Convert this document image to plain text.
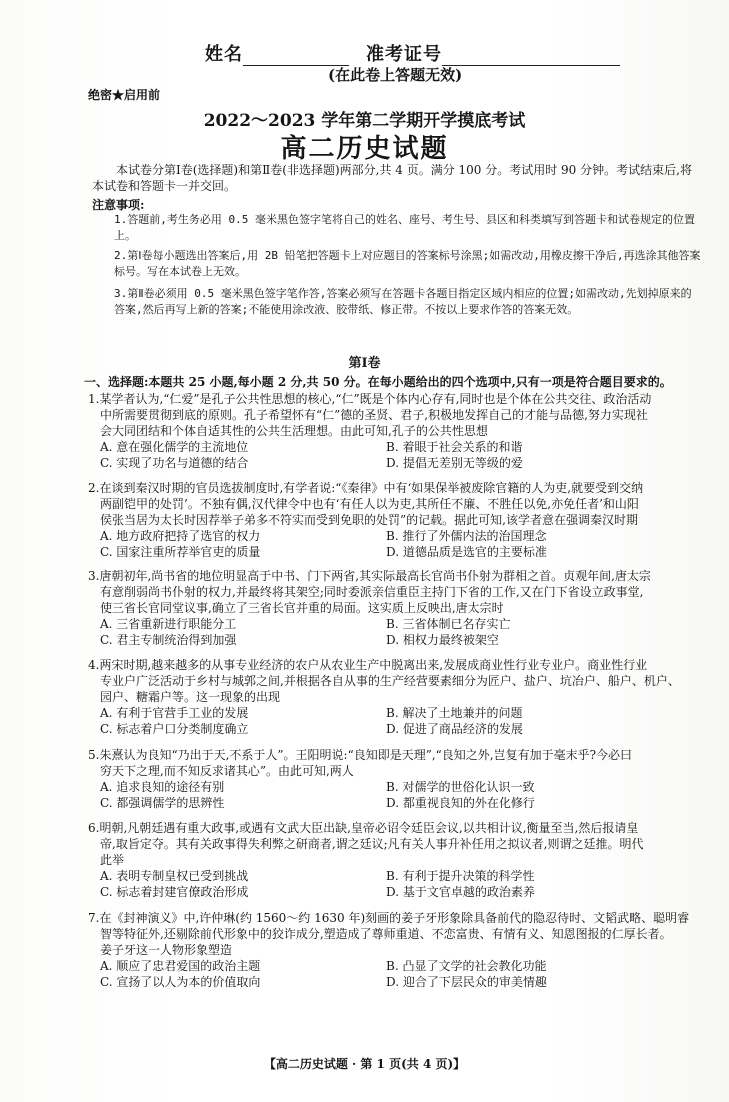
姓名	准考证号
(在此卷上答题无效)
绝密★启用前
2022～2023 学年第二学期开学摸底考试
高二历史试题
本试卷分第Ⅰ卷(选择题)和第Ⅱ卷(非选择题)两部分,共 4 页。满分 100 分。考试用时 90 分钟。考试结束后,将本试卷和答题卡一并交回。
注意事项:
1.答题前,考生务必用 0.5 毫米黑色签字笔将自己的姓名、座号、考生号、县区和科类填写到答题卡和试卷规定的位置上。
2.第Ⅰ卷每小题选出答案后,用 2B 铅笔把答题卡上对应题目的答案标号涂黑;如需改动,用橡皮擦干净后,再选涂其他答案标号。写在本试卷上无效。
3.第Ⅱ卷必须用 0.5 毫米黑色签字笔作答,答案必须写在答题卡各题目指定区域内相应的位置;如需改动,先划掉原来的答案,然后再写上新的答案;不能使用涂改液、胶带纸、修正带。不按以上要求作答的答案无效。
第Ⅰ卷
一、选择题:本题共 25 小题,每小题 2 分,共 50 分。在每小题给出的四个选项中,只有一项是符合题目要求的。
1.某学者认为,“仁爱”是孔子公共性思想的核心,“仁”既是个体内心存有,同时也是个体在公共交往、政治活动
中所需要贯彻到底的原则。孔子希望怀有“仁”德的圣贤、君子,积极地发挥自己的才能与品德,努力实现社
会大同团结和个体自适其性的公共生活理想。由此可知,孔子的公共性思想
A. 意在强化儒学的主流地位	B. 着眼于社会关系的和谐
C. 实现了功名与道德的结合	D. 提倡无差别无等级的爱
2.在谈到秦汉时期的官员选拔制度时,有学者说:“《秦律》中有‘如果保举被废除官籍的人为吏,就要受到交纳
两副铠甲的处罚’。不独有偶,汉代律令中也有‘有任人以为吏,其所任不廉、不胜任以免,亦免任者’和山阳
侯张当居为太长时因荐举子弟多不符实而受到免职的处罚”的记载。据此可知,该学者意在强调秦汉时期
A. 地方政府把持了选官的权力	B. 推行了外儒内法的治国理念
C. 国家注重所荐举官吏的质量	D. 道德品质是选官的主要标准
3.唐朝初年,尚书省的地位明显高于中书、门下两省,其实际最高长官尚书仆射为群相之首。贞观年间,唐太宗
有意削弱尚书仆射的权力,并最终将其架空;同时委派亲信重臣主持门下省的工作,又在门下省设立政事堂,
使三省长官同堂议事,确立了三省长官并重的局面。这实质上反映出,唐太宗时
A. 三省重新进行职能分工	B. 三省体制已名存实亡
C. 君主专制统治得到加强	D. 相权力最终被架空
4.两宋时期,越来越多的从事专业经济的农户从农业生产中脱离出来,发展成商业性行业专业户。商业性行业
专业户广泛活动于乡村与城郭之间,并根据各自从事的生产经营要素细分为匠户、盐户、坑冶户、船户、机户、
园户、糖霜户等。这一现象的出现
A. 有利于官营手工业的发展	B. 解决了土地兼并的问题
C. 标志着户口分类制度确立	D. 促进了商品经济的发展
5.朱熹认为良知“乃出于天,不系于人”。王阳明说:“良知即是天理”,“良知之外,岂复有加于毫末乎?今必曰
穷天下之理,而不知反求诸其心”。由此可知,两人
A. 追求良知的途径有别	B. 对儒学的世俗化认识一致
C. 都强调儒学的思辨性	D. 都重视良知的外在化修行
6.明朝,凡朝廷遇有重大政事,或遇有文武大臣出缺,皇帝必诏令廷臣会议,以共相计议,衡量至当,然后报请皇
帝,取旨定夺。其有关政事得失利弊之研商者,谓之廷议;凡有关人事升补任用之拟议者,则谓之廷推。明代
此举
A. 表明专制皇权已受到挑战	B. 有利于提升决策的科学性
C. 标志着封建官僚政治形成	D. 基于文官卓越的政治素养
7.在《封神演义》中,许仲琳(约 1560～约 1630 年)刻画的姜子牙形象除具备前代的隐忍待时、文韬武略、聪明睿
智等特征外,还剔除前代形象中的狡诈成分,塑造成了尊师重道、不恋富贵、有情有义、知恩图报的仁厚长者。
姜子牙这一人物形象塑造
A. 顺应了忠君爱国的政治主题	B. 凸显了文学的社会教化功能
C. 宣扬了以人为本的价值取向	D. 迎合了下层民众的审美情趣
【高二历史试题 · 第 1 页(共 4 页)】
